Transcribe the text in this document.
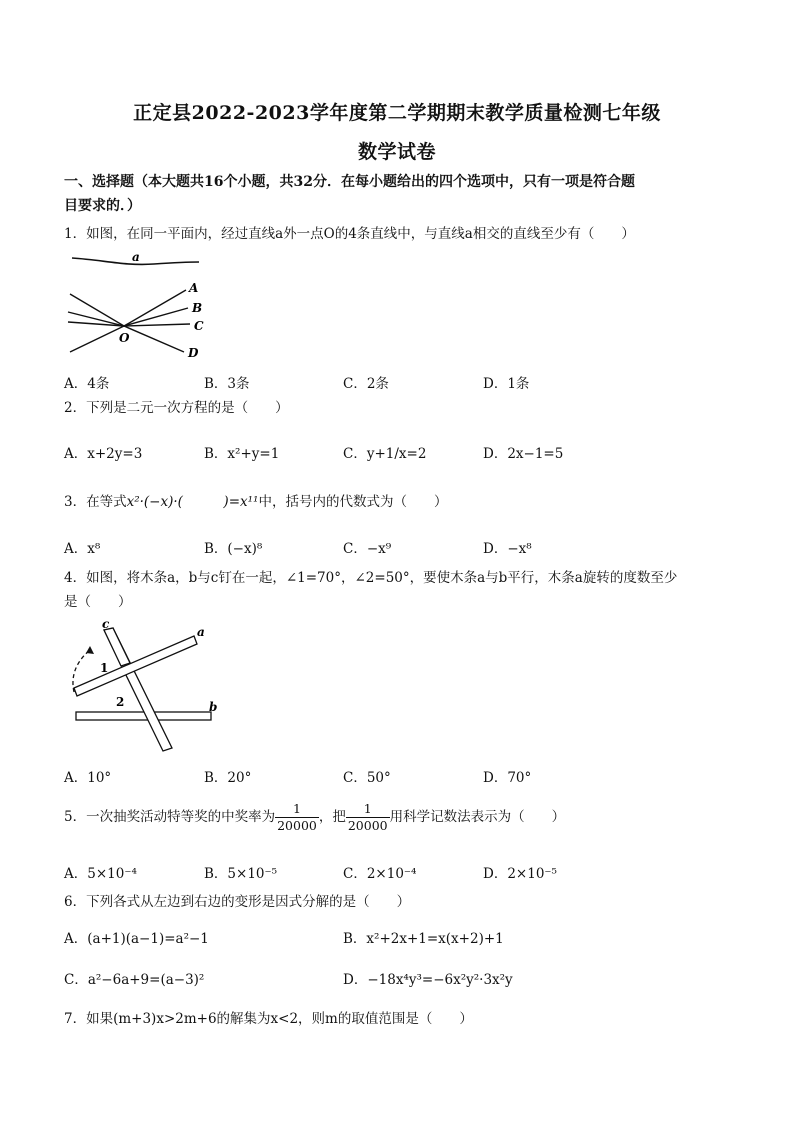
正定县2022-2023学年度第二学期期末教学质量检测七年级
数学试卷
一、选择题（本大题共16个小题，共32分．在每小题给出的四个选项中，只有一项是符合题
目要求的．）
1．如图，在同一平面内，经过直线a外一点O的4条直线中，与直线a相交的直线至少有（　　）
a
A
B
C
D
O
A．4条	B．3条	C．2条	D．1条
2．下列是二元一次方程的是（　　）
A．x+2y=3	B．x²+y=1	C．y+1/x=2	D．2x−1=5
3．在等式x²·(−x)·(　　　)=x¹¹中，括号内的代数式为（　　）
A．x⁸	B．(−x)⁸	C．−x⁹	D．−x⁸
4．如图，将木条a，b与c钉在一起，∠1=70°，∠2=50°，要使木条a与b平行，木条a旋转的度数至少
是（　　）
a
b
c
1
2
A．10°	B．20°	C．50°	D．70°
5．一次抽奖活动特等奖的中奖率为 $\frac{1}{20000}$ ，把 $\frac{1}{20000}$ 用科学记数法表示为（　　）
A．5×10⁻⁴	B．5×10⁻⁵	C．2×10⁻⁴	D．2×10⁻⁵
6．下列各式从左边到右边的变形是因式分解的是（　　）
A．(a+1)(a−1)=a²−1	B．x²+2x+1=x(x+2)+1
C．a²−6a+9=(a−3)²	D．−18x⁴y³=−6x²y²·3x²y
7．如果(m+3)x>2m+6的解集为x<2，则m的取值范围是（　　）
